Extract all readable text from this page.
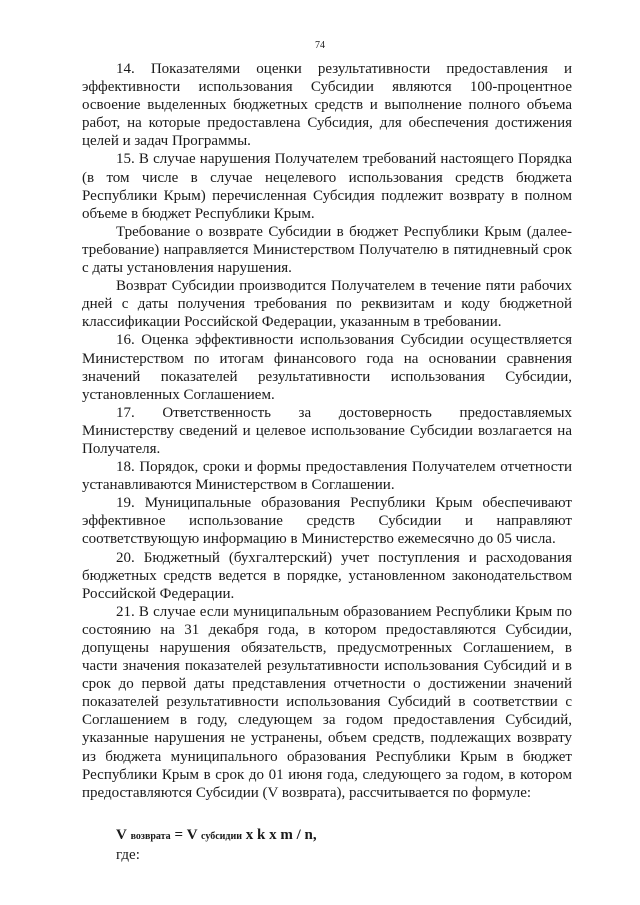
74

14. Показателями оценки результативности предоставления и эффективности использования Субсидии являются 100-процентное освоение выделенных бюджетных средств и выполнение полного объема работ, на которые предоставлена Субсидия, для обеспечения достижения целей и задач Программы.

15. В случае нарушения Получателем требований настоящего Порядка (в том числе в случае нецелевого использования средств бюджета Республики Крым) перечисленная Субсидия подлежит возврату в полном объеме в бюджет Республики Крым.

Требование о возврате Субсидии в бюджет Республики Крым (далее-требование) направляется Министерством Получателю в пятидневный срок с даты установления нарушения.

Возврат Субсидии производится Получателем в течение пяти рабочих дней с даты получения требования по реквизитам и коду бюджетной классификации Российской Федерации, указанным в требовании.

16. Оценка эффективности использования Субсидии осуществляется Министерством по итогам финансового года на основании сравнения значений показателей результативности использования Субсидии, установленных Соглашением.

17. Ответственность за достоверность предоставляемых Министерству сведений и целевое использование Субсидии возлагается на Получателя.

18. Порядок, сроки и формы предоставления Получателем отчетности устанавливаются Министерством в Соглашении.

19. Муниципальные образования Республики Крым обеспечивают эффективное использование средств Субсидии и направляют соответствующую информацию в Министерство ежемесячно до 05 числа.

20. Бюджетный (бухгалтерский) учет поступления и расходования бюджетных средств ведется в порядке, установленном законодательством Российской Федерации.

21. В случае если муниципальным образованием Республики Крым по состоянию на 31 декабря года, в котором предоставляются Субсидии, допущены нарушения обязательств, предусмотренных Соглашением, в части значения показателей результативности использования Субсидий и в срок до первой даты представления отчетности о достижении значений показателей результативности использования Субсидий в соответствии с Соглашением в году, следующем за годом предоставления Субсидий, указанные нарушения не устранены, объем средств, подлежащих возврату из бюджета муниципального образования Республики Крым в бюджет Республики Крым в срок до 01 июня года, следующего за годом, в котором предоставляются Субсидии (V возврата), рассчитывается по формуле:

V возврата = V субсидии x k x m / n,

где:
